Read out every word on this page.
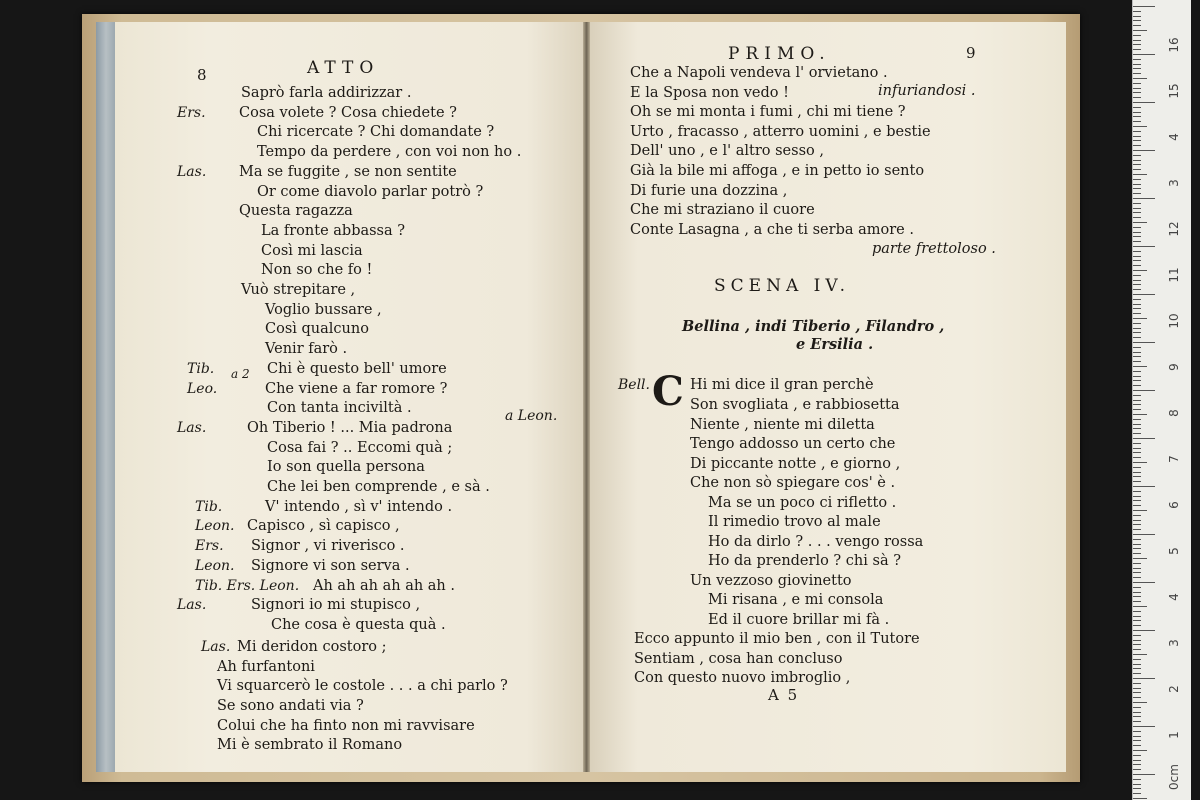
8	ATTO
Saprò farla addirizzar .
Cosa volete ? Cosa chiedete ?
Ers.
Chi ricercate ? Chi domandate ?
Tempo da perdere , con voi non ho .
Ma se fuggite , se non sentite
Las.
Or come diavolo parlar potrò ?
Questa ragazza
La fronte abbassa ?
Così mi lascia
Non so che fo !
Vuò strepitare ,
Voglio bussare ,
Così qualcuno
Venir farò .
Chi è questo bell' umore
Tib.
Che viene a far romore ?
Leo.
Con tanta inciviltà .
Oh Tiberio ! ... Mia padrona
Las.
Cosa fai ? .. Eccomi quà ;
Io son quella persona
Che lei ben comprende , e sà .
V' intendo , sì v' intendo .
Tib.
Capisco , sì capisco ,
Leon.
Signor , vi riverisco .
Ers.
Signore vi son serva .
Leon.
Ah ah ah ah ah ah .
Tib. Ers. Leon.
Signori io mi stupisco ,
Las.
Che cosa è questa quà .
Mi deridon costoro ;
Las.
Ah furfantoni
Vi squarcerò le costole . . . a chi parlo ?
Se sono andati via ?
Colui che ha finto non mi ravvisare
Mi è sembrato il Romano
a 2
a Leon.
PRIMO.	9
Che a Napoli vendeva l' orvietano .
E la Sposa non vedo !
Oh se mi monta i fumi , chi mi tiene ?
Urto , fracasso , atterro uomini , e bestie
Dell' uno , e l' altro sesso ,
Già la bile mi affoga , e in petto io sento
Di furie una dozzina ,
Che mi straziano il cuore
Conte Lasagna , a che ti serba amore .
infuriandosi .
parte frettoloso .
SCENA IV.
Bellina , indi Tiberio , Filandro ,
e Ersilia .
Bell. C Hi mi dice il gran perchè
Son svogliata , e rabbiosetta
Niente , niente mi diletta
Tengo addosso un certo che
Di piccante notte , e giorno ,
Che non sò spiegare cos' è .
Ma se un poco ci rifletto .
Il rimedio trovo al male
Ho da dirlo ? . . . vengo rossa
Ho da prenderlo ? chi sà ?
Un vezzoso giovinetto
Mi risana , e mi consola
Ed il cuore brillar mi fà .
Ecco appunto il mio ben , con il Tutore
Sentiam , cosa han concluso
Con questo nuovo imbroglio ,
A 5
16
15
4
3
12
11
10
9
8
7
6
5
4
3
2
1
0cm
